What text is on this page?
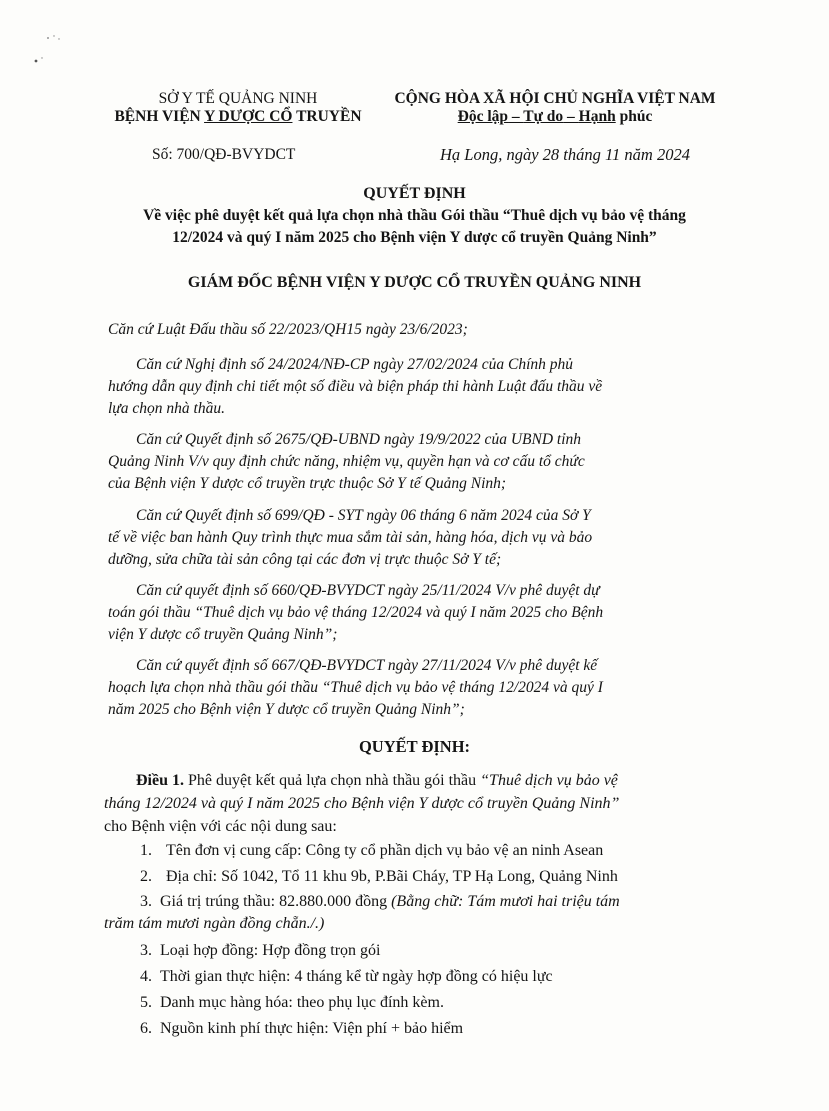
SỞ Y TẾ QUẢNG NINH
BỆNH VIỆN Y DƯỢC CỔ TRUYỀN
CỘNG HÒA XÃ HỘI CHỦ NGHĨA VIỆT NAM
Độc lập – Tự do – Hạnh phúc
Số: 700/QĐ-BVYDCT	Hạ Long, ngày 28 tháng 11 năm 2024
QUYẾT ĐỊNH
Về việc phê duyệt kết quả lựa chọn nhà thầu Gói thầu “Thuê dịch vụ bảo vệ tháng
12/2024 và quý I năm 2025 cho Bệnh viện Y dược cổ truyền Quảng Ninh”
GIÁM ĐỐC BỆNH VIỆN Y DƯỢC CỔ TRUYỀN QUẢNG NINH
Căn cứ Luật Đấu thầu số 22/2023/QH15 ngày 23/6/2023;
Căn cứ Nghị định số 24/2024/NĐ-CP ngày 27/02/2024 của Chính phủ
hướng dẫn quy định chi tiết một số điều và biện pháp thi hành Luật đấu thầu về
lựa chọn nhà thầu.
Căn cứ Quyết định số 2675/QĐ-UBND ngày 19/9/2022 của UBND tỉnh
Quảng Ninh V/v quy định chức năng, nhiệm vụ, quyền hạn và cơ cấu tổ chức
của Bệnh viện Y dược cổ truyền trực thuộc Sở Y tế Quảng Ninh;
Căn cứ Quyết định số 699/QĐ - SYT ngày 06 tháng 6 năm 2024 của Sở Y
tế về việc ban hành Quy trình thực mua sắm tài sản, hàng hóa, dịch vụ và bảo
dưỡng, sửa chữa tài sản công tại các đơn vị trực thuộc Sở Y tế;
Căn cứ quyết định số 660/QĐ-BVYDCT ngày 25/11/2024 V/v phê duyệt dự
toán gói thầu “Thuê dịch vụ bảo vệ tháng 12/2024 và quý I năm 2025 cho Bệnh
viện Y dược cổ truyền Quảng Ninh”;
Căn cứ quyết định số 667/QĐ-BVYDCT ngày 27/11/2024 V/v phê duyệt kế
hoạch lựa chọn nhà thầu gói thầu “Thuê dịch vụ bảo vệ tháng 12/2024 và quý I
năm 2025 cho Bệnh viện Y dược cổ truyền Quảng Ninh”;
QUYẾT ĐỊNH:
Điều 1. Phê duyệt kết quả lựa chọn nhà thầu gói thầu “Thuê dịch vụ bảo vệ
tháng 12/2024 và quý I năm 2025 cho Bệnh viện Y dược cổ truyền Quảng Ninh”
cho Bệnh viện với các nội dung sau:
1. Tên đơn vị cung cấp: Công ty cổ phần dịch vụ bảo vệ an ninh Asean
2. Địa chỉ: Số 1042, Tổ 11 khu 9b, P.Bãi Cháy, TP Hạ Long, Quảng Ninh
3. Giá trị trúng thầu: 82.880.000 đồng (Bằng chữ: Tám mươi hai triệu tám
trăm tám mươi ngàn đồng chẵn./.)
3. Loại hợp đồng: Hợp đồng trọn gói
4. Thời gian thực hiện: 4 tháng kể từ ngày hợp đồng có hiệu lực
5. Danh mục hàng hóa: theo phụ lục đính kèm.
6. Nguồn kinh phí thực hiện: Viện phí + bảo hiểm
